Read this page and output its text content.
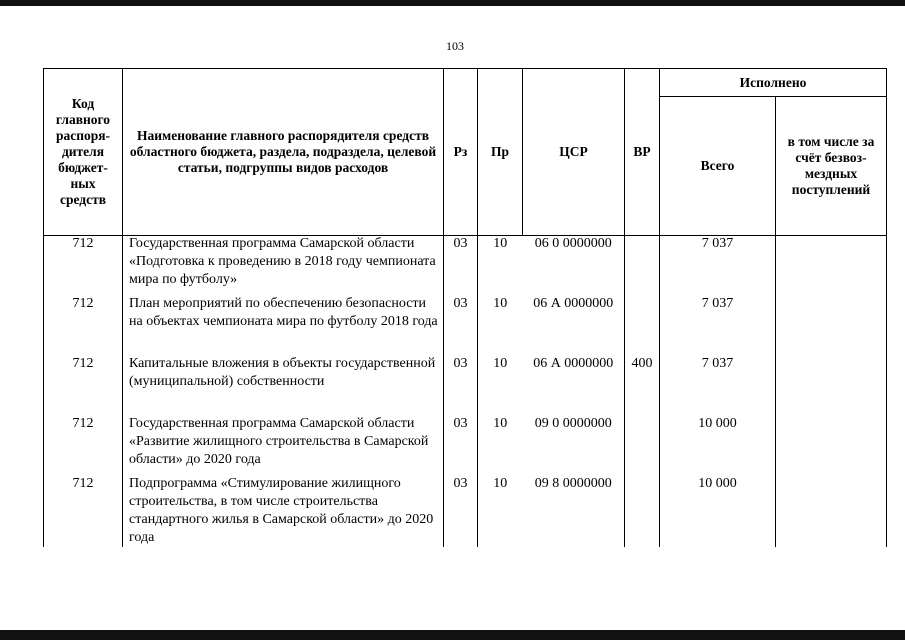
103
Код главного распоря-дителя бюджет-ных средств	Наименование главного распорядителя средств областного бюджета, раздела, подраздела, целевой статьи, подгруппы видов расходов	Рз	Пр	ЦСР	ВР	Исполнено	
						Всего	в том числе за счёт безвоз-мездных поступлений
712	Государственная программа Самарской области «Подготовка к проведению в 2018 году чемпионата мира по футболу»	03	10	06 0 0000000		7 037	
712	План мероприятий по обеспечению безопасности на объектах чемпионата мира по футболу 2018 года	03	10	06 А 0000000		7 037	
712	Капитальные вложения в объекты государственной (муниципальной) собственности	03	10	06 А 0000000	400	7 037	
712	Государственная программа Самарской области «Развитие жилищного строительства в Самарской области» до 2020 года	03	10	09 0 0000000		10 000	
712	Подпрограмма «Стимулирование жилищного строительства, в том числе строительства стандартного жилья в Самарской области» до 2020 года	03	10	09 8 0000000		10 000	
